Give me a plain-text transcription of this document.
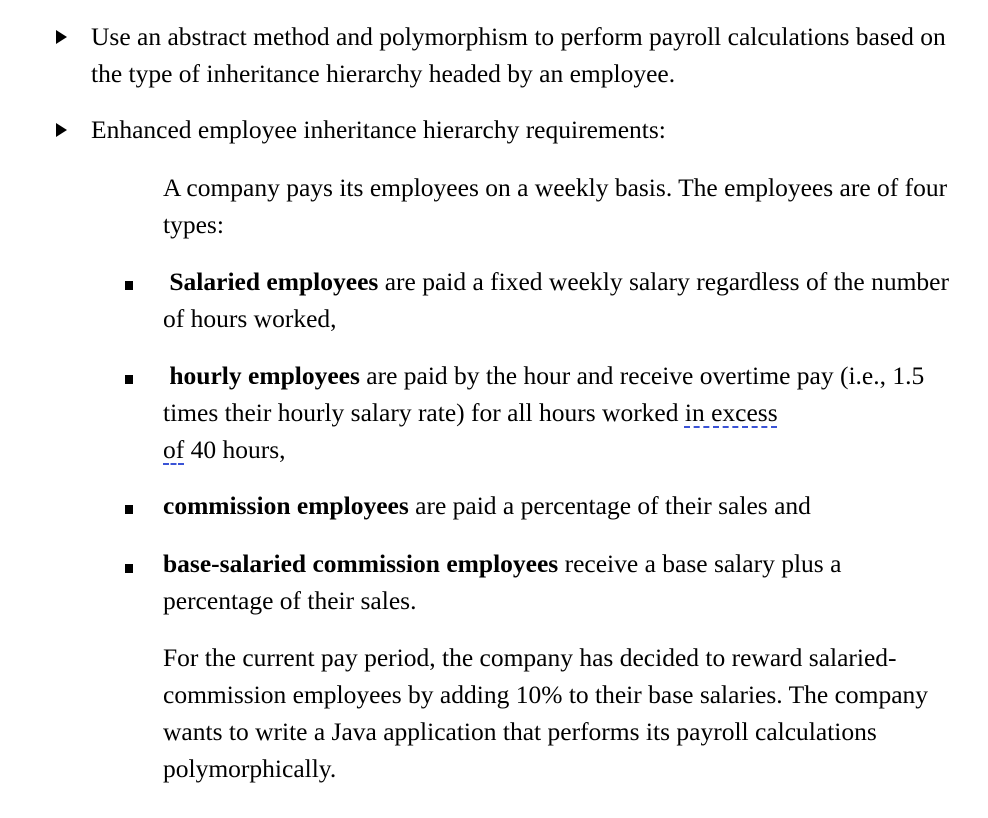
Use an abstract method and polymorphism to perform payroll calculations based on the type of inheritance hierarchy headed by an employee.
Enhanced employee inheritance hierarchy requirements:
A company pays its employees on a weekly basis. The employees are of four types:
Salaried employees are paid a fixed weekly salary regardless of the number of hours worked,
hourly employees are paid by the hour and receive overtime pay (i.e., 1.5 times their hourly salary rate) for all hours worked in excess
of 40 hours,
commission employees are paid a percentage of their sales and
base-salaried commission employees receive a base salary plus a percentage of their sales.
For the current pay period, the company has decided to reward salaried-commission employees by adding 10% to their base salaries. The company wants to write a Java application that performs its payroll calculations polymorphically.
